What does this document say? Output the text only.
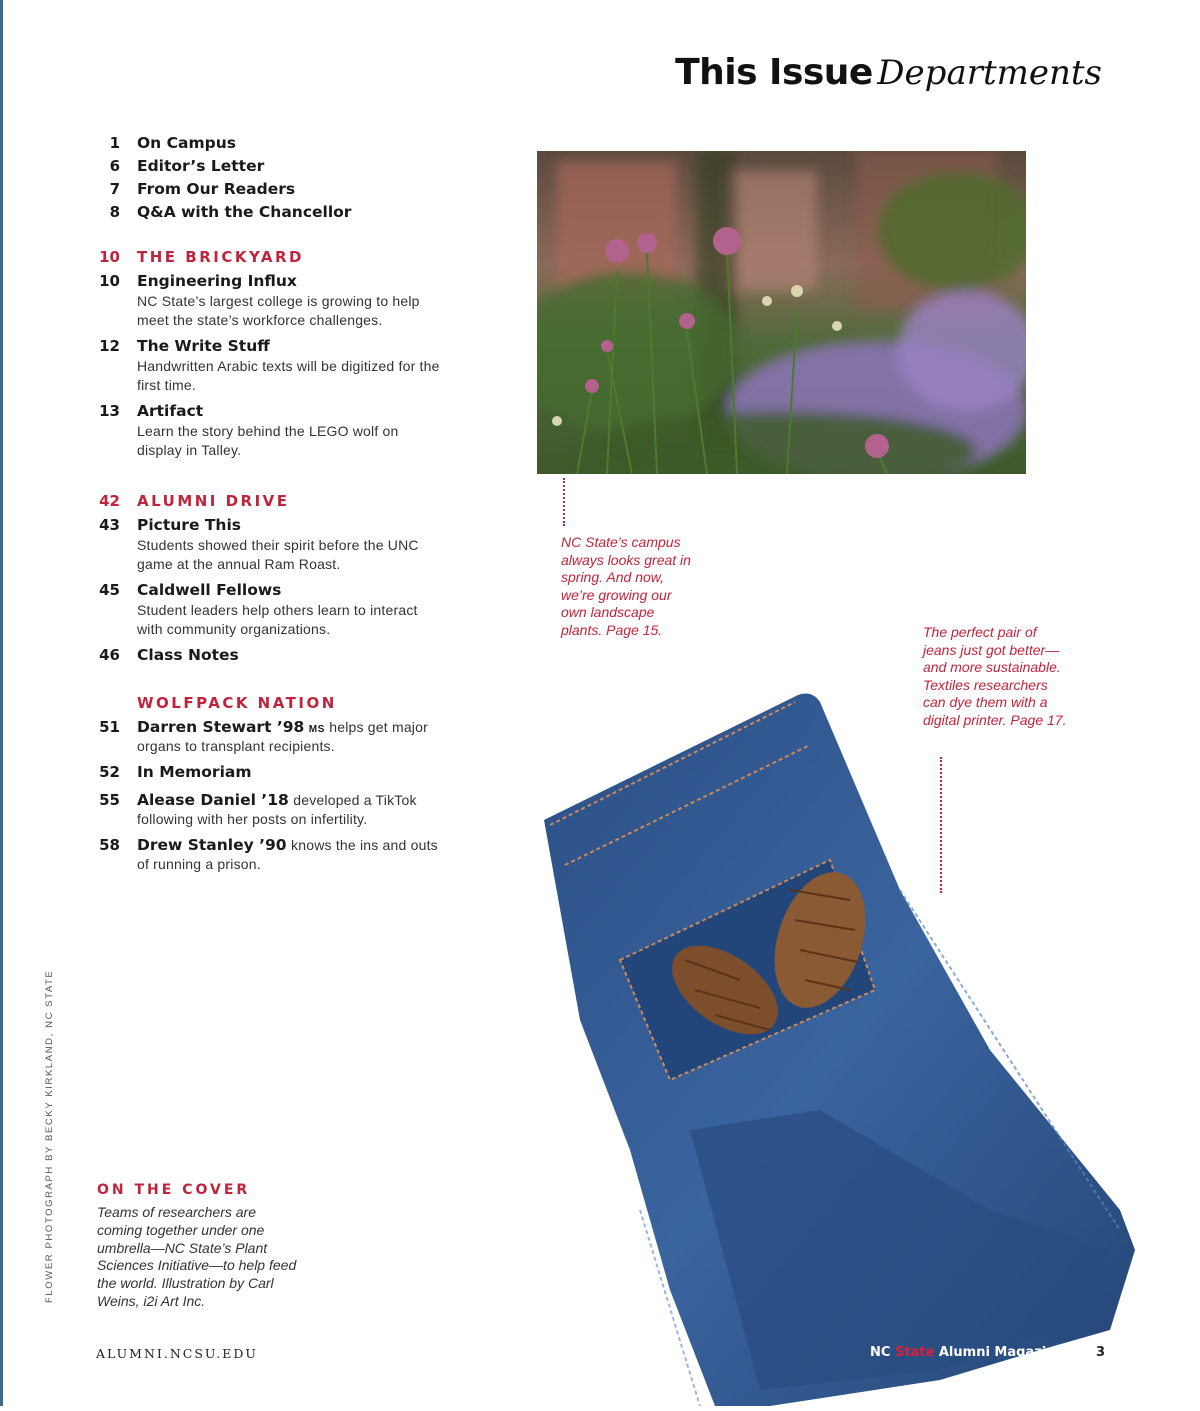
This Issue Departments
1 On Campus
6 Editor’s Letter
7 From Our Readers
8 Q&A with the Chancellor
10 THE BRICKYARD
10 Engineering Influx
NC State’s largest college is growing to help meet the state’s workforce challenges.
12 The Write Stuff
Handwritten Arabic texts will be digitized for the first time.
13 Artifact
Learn the story behind the LEGO wolf on display in Talley.
42 ALUMNI DRIVE
43 Picture This
Students showed their spirit before the UNC game at the annual Ram Roast.
45 Caldwell Fellows
Student leaders help others learn to interact with community organizations.
46 Class Notes
WOLFPACK NATION
51 Darren Stewart ’98 MS helps get major
organs to transplant recipients.
52 In Memoriam
55 Alease Daniel ’18 developed a TikTok
following with her posts on infertility.
58 Drew Stanley ’90 knows the ins and outs
of running a prison.
NC State’s campus always looks great in spring. And now, we’re growing our own landscape plants. Page 15.	The perfect pair of jeans just got better—and more sustainable. Textiles researchers can dye them with a digital printer. Page 17.
ON THE COVER
Teams of researchers are coming together under one umbrella—NC State’s Plant Sciences Initiative—to help feed the world. Illustration by Carl Weins, i2i Art Inc.
FLOWER PHOTOGRAPH BY BECKY KIRKLAND, NC STATE
ALUMNI.NCSU.EDU	NC State Alumni Magazine 3
